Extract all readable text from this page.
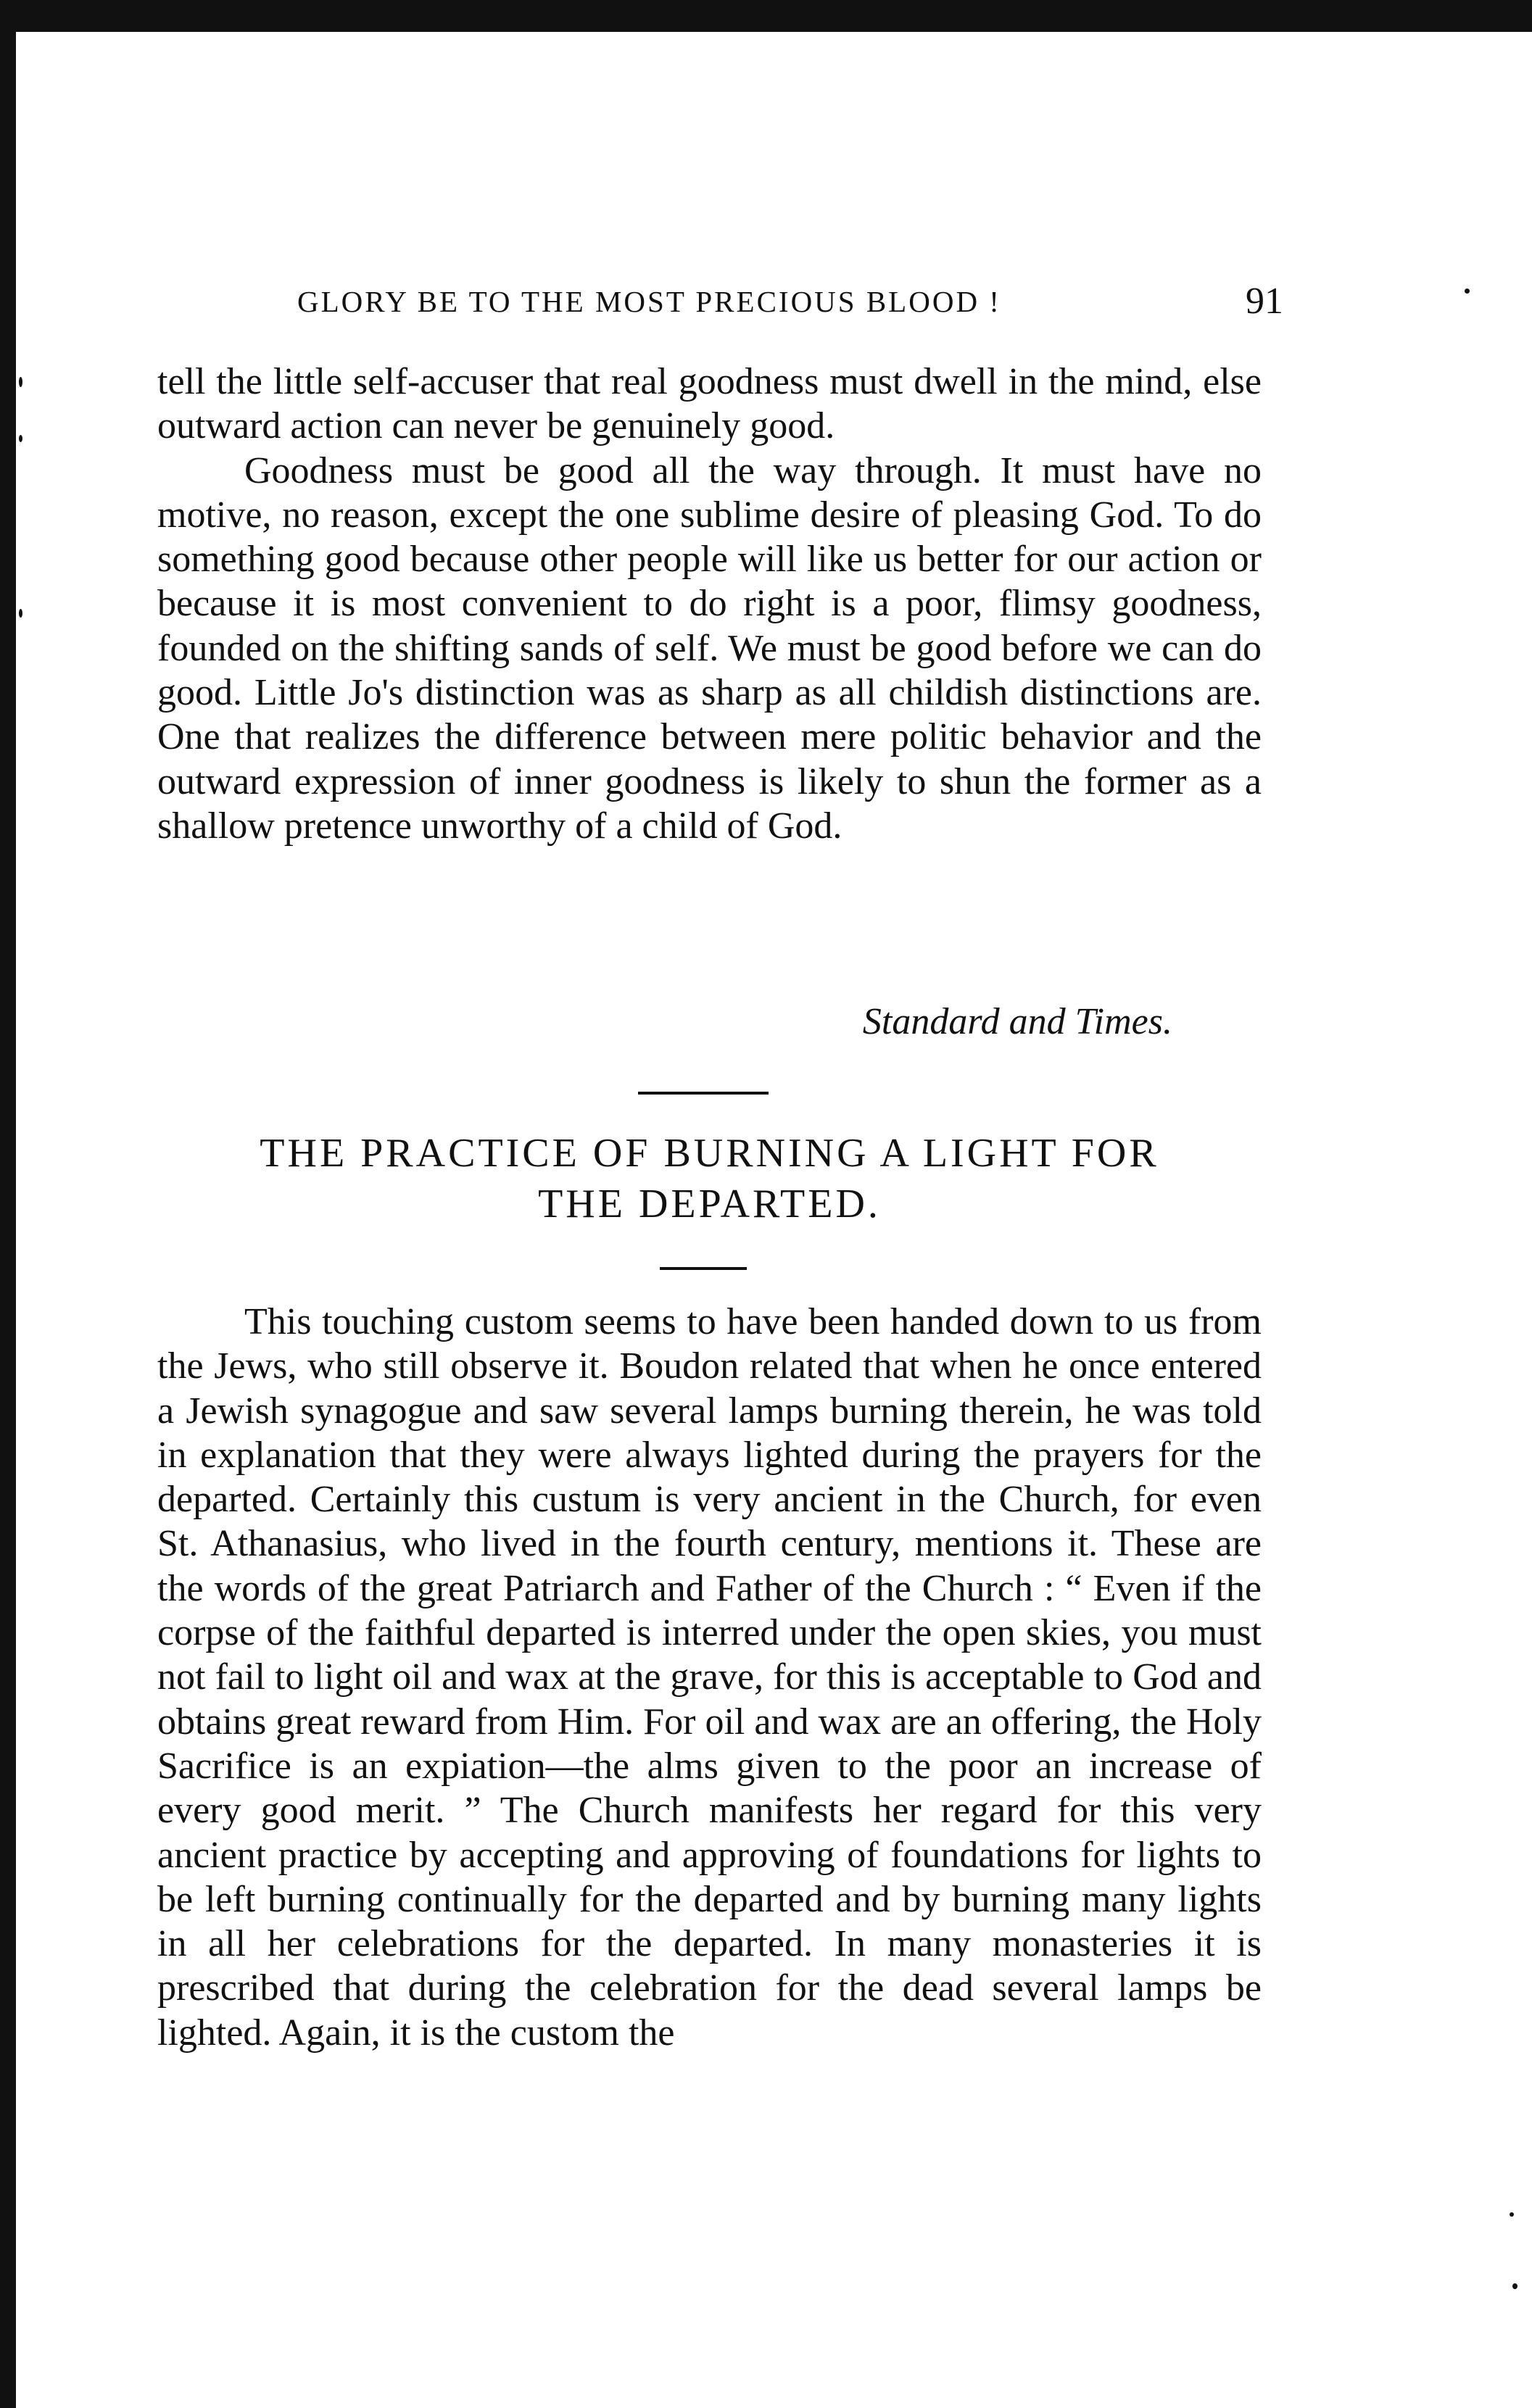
GLORY BE TO THE MOST PRECIOUS BLOOD !	91

tell the little self-accuser that real goodness must dwell in the mind, else outward action can never be genuinely good.

Goodness must be good all the way through. It must have no motive, no reason, except the one sublime desire of pleasing God. To do something good because other people will like us better for our action or because it is most convenient to do right is a poor, flimsy goodness, founded on the shifting sands of self. We must be good before we can do good. Little Jo's distinction was as sharp as all childish distinctions are. One that realizes the difference between mere politic behavior and the outward expression of inner goodness is likely to shun the former as a shallow pretence unworthy of a child of God.

Standard and Times.
THE PRACTICE OF BURNING A LIGHT FOR
THE DEPARTED.

This touching custom seems to have been handed down to us from the Jews, who still observe it. Boudon related that when he once entered a Jewish synagogue and saw several lamps burning therein, he was told in explanation that they were always lighted during the prayers for the departed. Certainly this custum is very ancient in the Church, for even St. Athanasius, who lived in the fourth century, mentions it. These are the words of the great Patriarch and Father of the Church : “ Even if the corpse of the faithful departed is interred under the open skies, you must not fail to light oil and wax at the grave, for this is acceptable to God and obtains great reward from Him. For oil and wax are an offering, the Holy Sacrifice is an expiation—the alms given to the poor an increase of every good merit. ” The Church manifests her regard for this very ancient practice by accepting and approving of foundations for lights to be left burning continually for the departed and by burning many lights in all her celebrations for the departed. In many monasteries it is prescribed that during the celebration for the dead several lamps be lighted. Again, it is the custom the
